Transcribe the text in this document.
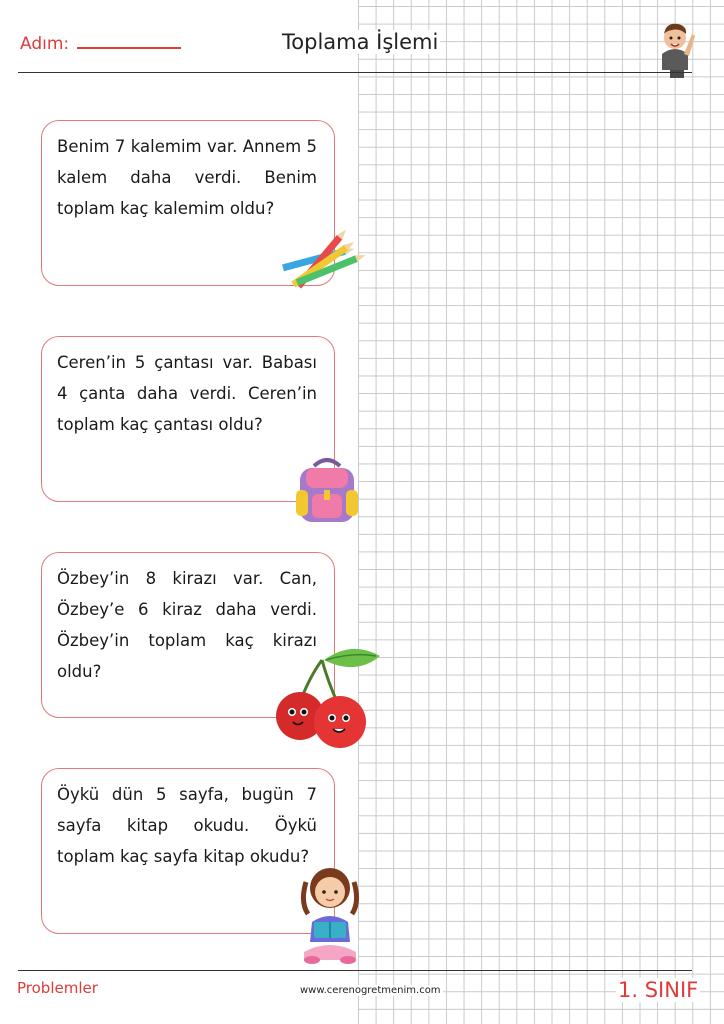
Adım:	Toplama İşlemi
Benim 7 kalemim var. Annem 5 kalem daha verdi. Benim toplam kaç kalemim oldu?
Ceren’in 5 çantası var. Babası 4 çanta daha verdi. Ceren’in toplam kaç çantası oldu?
Özbey’in 8 kirazı var. Can, Özbey’e 6 kiraz daha verdi. Özbey’in toplam kaç kirazı oldu?
Öykü dün 5 sayfa, bugün 7 sayfa kitap okudu. Öykü toplam kaç sayfa kitap okudu?
Problemler	www.cerenogretmenim.com	1. SINIF
